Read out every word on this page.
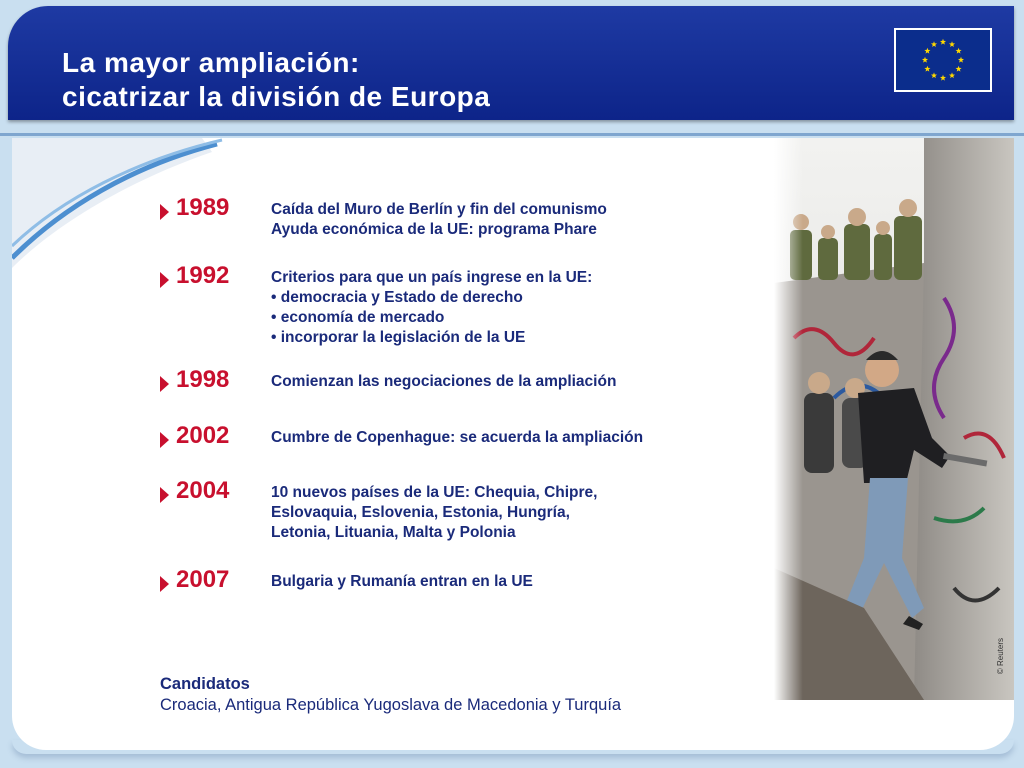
La mayor ampliación:
cicatrizar la división de Europa
1989	Caída del Muro de Berlín y fin del comunismo

Ayuda económica de la UE: programa Phare

1992	Criterios para que un país ingrese en la UE:

• democracia y Estado de derecho

• economía de mercado

• incorporar la legislación de la UE

1998	Comienzan las negociaciones de la ampliación

2002	Cumbre de Copenhague: se acuerda la ampliación

2004	10 nuevos países de la UE: Chequia, Chipre,

Eslovaquia, Eslovenia, Estonia, Hungría,

Letonia, Lituania, Malta y Polonia

2007	Bulgaria y Rumanía entran en la UE

Candidatos
Croacia, Antigua República Yugoslava de Macedonia y Turquía
© Reuters
